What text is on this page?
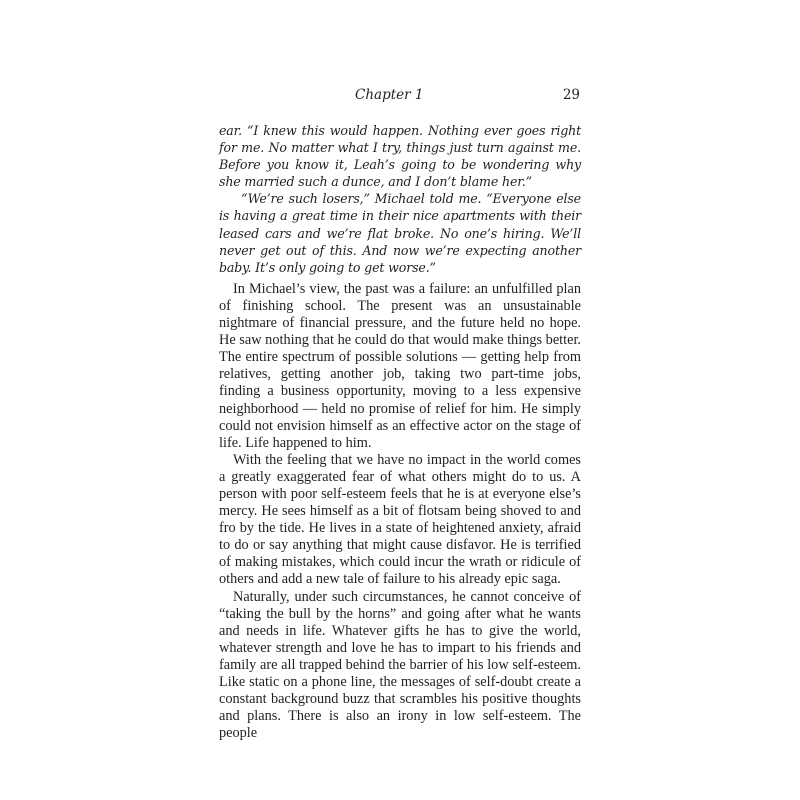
Chapter 1	29

ear. “I knew this would happen. Nothing ever goes right for me. No matter what I try, things just turn against me. Before you know it, Leah’s going to be wondering why she married such a dunce, and I don’t blame her.”

“We’re such losers,” Michael told me. “Everyone else is having a great time in their nice apartments with their leased cars and we’re flat broke. No one’s hiring. We’ll never get out of this. And now we’re expecting another baby. It’s only going to get worse.”

In Michael’s view, the past was a failure: an unfulfilled plan of finishing school. The present was an unsustainable nightmare of financial pressure, and the future held no hope. He saw nothing that he could do that would make things better. The entire spectrum of possible solutions — getting help from relatives, getting another job, taking two part-time jobs, finding a business opportunity, moving to a less expensive neighborhood — held no promise of relief for him. He simply could not envision himself as an effective actor on the stage of life. Life happened to him.

With the feeling that we have no impact in the world comes a greatly exaggerated fear of what others might do to us. A person with poor self-esteem feels that he is at everyone else’s mercy. He sees himself as a bit of flotsam being shoved to and fro by the tide. He lives in a state of heightened anxiety, afraid to do or say anything that might cause disfavor. He is terrified of making mistakes, which could incur the wrath or ridicule of others and add a new tale of failure to his already epic saga.

Naturally, under such circumstances, he cannot conceive of “taking the bull by the horns” and going after what he wants and needs in life. Whatever gifts he has to give the world, whatever strength and love he has to impart to his friends and family are all trapped behind the barrier of his low self-esteem. Like static on a phone line, the messages of self-doubt create a constant background buzz that scrambles his positive thoughts and plans. There is also an irony in low self-esteem. The people
